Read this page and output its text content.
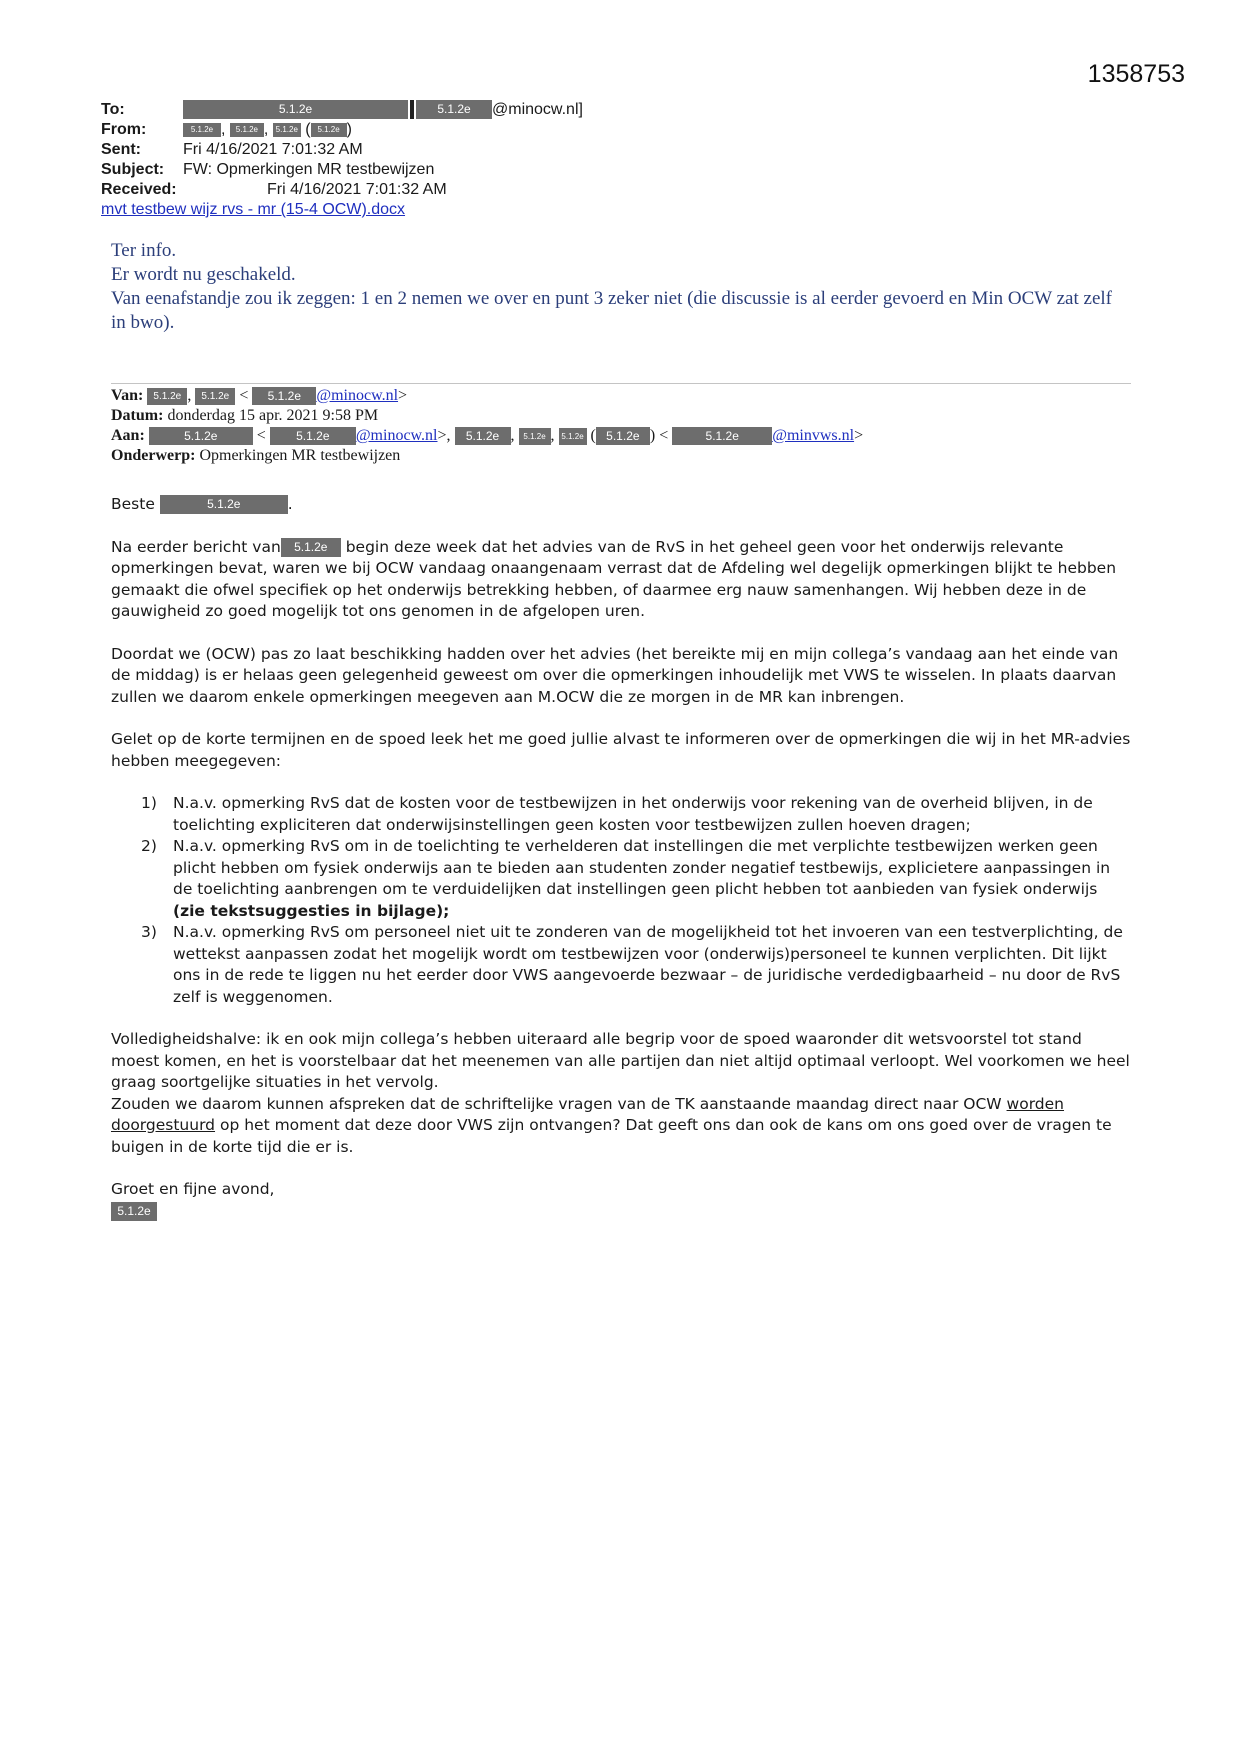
1358753
To:	5.1.2e	5.1.2e @minocw.nl]
From:	5.1.2e , 5.1.2e , 5.1.2e ( 5.1.2e )
Sent:	Fri 4/16/2021 7:01:32 AM
Subject: FW: Opmerkingen MR testbewijzen
Received:	Fri 4/16/2021 7:01:32 AM
mvt testbew wijz rvs - mr (15-4 OCW).docx

Ter info.

Er wordt nu geschakeld.

Van eenafstandje zou ik zeggen: 1 en 2 nemen we over en punt 3 zeker niet (die discussie is al eerder gevoerd en Min OCW zat zelf in bwo).

Van: 5.1.2e , 5.1.2e < 5.1.2e @minocw.nl>
Datum: donderdag 15 apr. 2021 9:58 PM
Aan:	5.1.2e < 5.1.2e @minocw.nl>, 5.1.2e , 5.1.2e , 5.1.2e ( 5.1.2e ) <	5.1.2e @minvws.nl>
Onderwerp: Opmerkingen MR testbewijzen

Beste	5.1.2e	.

Na eerder bericht van 5.1.2e begin deze week dat het advies van de RvS in het geheel geen voor het onderwijs relevante opmerkingen bevat, waren we bij OCW vandaag onaangenaam verrast dat de Afdeling wel degelijk opmerkingen blijkt te hebben gemaakt die ofwel specifiek op het onderwijs betrekking hebben, of daarmee erg nauw samenhangen. Wij hebben deze in de gauwigheid zo goed mogelijk tot ons genomen in de afgelopen uren.

Doordat we (OCW) pas zo laat beschikking hadden over het advies (het bereikte mij en mijn collega’s vandaag aan het einde van de middag) is er helaas geen gelegenheid geweest om over die opmerkingen inhoudelijk met VWS te wisselen. In plaats daarvan zullen we daarom enkele opmerkingen meegeven aan M.OCW die ze morgen in de MR kan inbrengen.

Gelet op de korte termijnen en de spoed leek het me goed jullie alvast te informeren over de opmerkingen die wij in het MR-advies hebben meegegeven:

1) N.a.v. opmerking RvS dat de kosten voor de testbewijzen in het onderwijs voor rekening van de overheid blijven, in de toelichting expliciteren dat onderwijsinstellingen geen kosten voor testbewijzen zullen hoeven dragen;
2) N.a.v. opmerking RvS om in de toelichting te verhelderen dat instellingen die met verplichte testbewijzen werken geen plicht hebben om fysiek onderwijs aan te bieden aan studenten zonder negatief testbewijs, explicietere aanpassingen in de toelichting aanbrengen om te verduidelijken dat instellingen geen plicht hebben tot aanbieden van fysiek onderwijs (zie tekstsuggesties in bijlage);
3) N.a.v. opmerking RvS om personeel niet uit te zonderen van de mogelijkheid tot het invoeren van een testverplichting, de wettekst aanpassen zodat het mogelijk wordt om testbewijzen voor (onderwijs)personeel te kunnen verplichten. Dit lijkt ons in de rede te liggen nu het eerder door VWS aangevoerde bezwaar – de juridische verdedigbaarheid – nu door de RvS zelf is weggenomen.

Volledigheidshalve: ik en ook mijn collega’s hebben uiteraard alle begrip voor de spoed waaronder dit wetsvoorstel tot stand moest komen, en het is voorstelbaar dat het meenemen van alle partijen dan niet altijd optimaal verloopt. Wel voorkomen we heel graag soortgelijke situaties in het vervolg.

Zouden we daarom kunnen afspreken dat de schriftelijke vragen van de TK aanstaande maandag direct naar OCW worden doorgestuurd op het moment dat deze door VWS zijn ontvangen? Dat geeft ons dan ook de kans om ons goed over de vragen te buigen in de korte tijd die er is.

Groet en fijne avond,

5.1.2e
